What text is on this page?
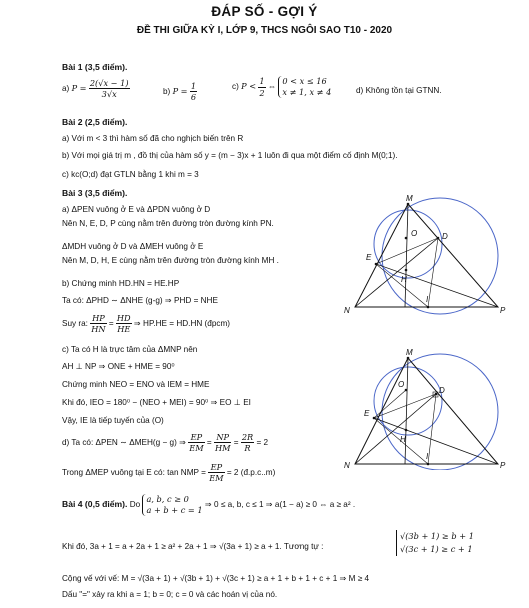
ĐÁP SỐ - GỢI Ý
ĐỀ THI GIỮA KỲ I, LỚP 9, THCS NGÔI SAO T10 - 2020
Bài 1 (3,5 điểm).
a) $P = \frac{2(√x - 1)}{3√x}$	b) $P = \frac{1}{6}$	c) $P < \frac{1}{2}$ ⇔
0 < x ≤ 16
x ≠ 1, x ≠ 4	d) Không tồn tại GTNN.
Bài 2 (2,5 điểm).
a) Với m < 3 thì hàm số đã cho nghịch biến trên R
b) Với mọi giá trị m , đồ thị của hàm số y = (m − 3)x + 1 luôn đi qua một điểm cố định M(0;1).
c) kc(O;d) đạt GTLN bằng 1 khi m = 3
Bài 3 (3,5 điểm).
a) ΔPEN vuông ở E và ΔPDN vuông ở D
Nên N, E, D, P cùng nằm trên đường tròn đường kính PN.
ΔMDH vuông ở D và ΔMEH vuông ở E
Nên M, D, H, E cùng nằm trên đường tròn đường kính MH .
b) Chứng minh HD.HN = HE.HP
Ta có: ΔPHD ∼ ΔNHE (g-g) ⇒ PHD = NHE
Suy ra: $\frac{HP}{HN} = \frac{HD}{HE}$ ⇒ HP.HE = HD.HN (đpcm)
c) Ta có H là trực tâm của ΔMNP nên
AH ⊥ NP ⇒ ONE + HME = 90⁰
Chứng minh NEO = ENO và IEM = HME
Khi đó, IEO = 180⁰ − (NEO + MEI) = 90⁰ ⇒ EO ⊥ EI
Vậy, IE là tiếp tuyến của (O)
d) Ta có: ΔPEN ∼ ΔMEH(g − g) ⇒ $\frac{EP}{EM} = \frac{NP}{HM} = \frac{2R}{R} = 2$
Trong ΔMEP vuông tại E có: tan NMP = $\frac{EP}{EM} = 2$ (đ.p.c..m)
Bài 4 (0,5 điểm). Do
a, b, c ≥ 0
a + b + c = 1
⇒ 0 ≤ a, b, c ≤ 1 ⇒ a(1 − a) ≥ 0 ⇔ a ≥ a² .
Khi đó, 3a + 1 = a + 2a + 1 ≥ a² + 2a + 1 ⇒ √(3a + 1) ≥ a + 1. Tương tự :
√(3b + 1) ≥ b + 1
√(3c + 1) ≥ c + 1
Cộng vế với vế: M = √(3a + 1) + √(3b + 1) + √(3c + 1) ≥ a + 1 + b + 1 + c + 1 ⇒ M ≥ 4
Dấu "=" xảy ra khi a = 1; b = 0; c = 0 và các hoán vị của nó.
M
O	D
E
H
I
N	P
M
O
D
E
H
I
N	P
